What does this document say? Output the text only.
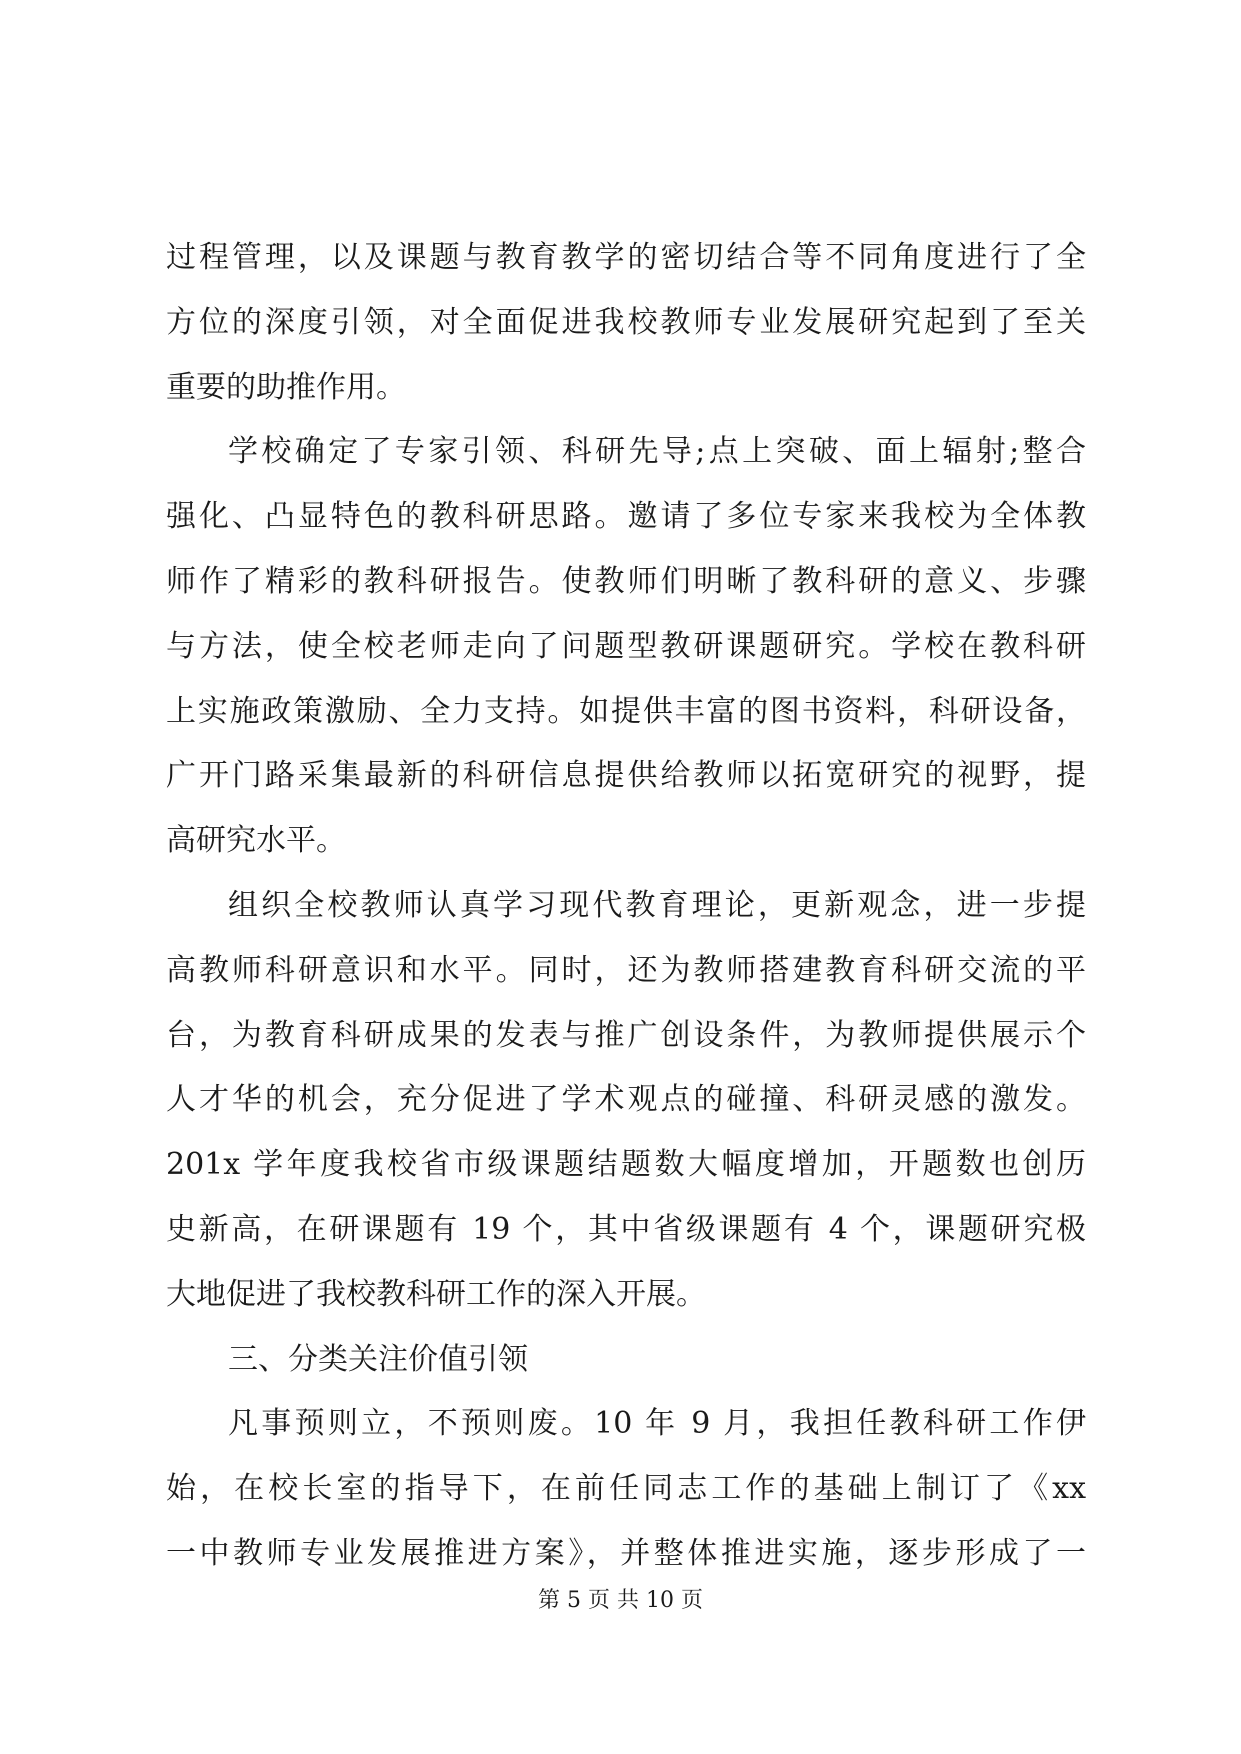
过程管理，以及课题与教育教学的密切结合等不同角度进行了全
方位的深度引领，对全面促进我校教师专业发展研究起到了至关
重要的助推作用。
学校确定了专家引领、科研先导;点上突破、面上辐射;整合
强化、凸显特色的教科研思路。邀请了多位专家来我校为全体教
师作了精彩的教科研报告。使教师们明晰了教科研的意义、步骤
与方法，使全校老师走向了问题型教研课题研究。学校在教科研
上实施政策激励、全力支持。如提供丰富的图书资料，科研设备，
广开门路采集最新的科研信息提供给教师以拓宽研究的视野，提
高研究水平。
组织全校教师认真学习现代教育理论，更新观念，进一步提
高教师科研意识和水平。同时，还为教师搭建教育科研交流的平
台，为教育科研成果的发表与推广创设条件，为教师提供展示个
人才华的机会，充分促进了学术观点的碰撞、科研灵感的激发。
201x 学年度我校省市级课题结题数大幅度增加，开题数也创历
史新高，在研课题有 19 个，其中省级课题有 4 个，课题研究极
大地促进了我校教科研工作的深入开展。
三、分类关注价值引领
凡事预则立，不预则废。10 年 9 月，我担任教科研工作伊
始，在校长室的指导下，在前任同志工作的基础上制订了《xx
一中教师专业发展推进方案》，并整体推进实施，逐步形成了一
第 5 页 共 10 页
